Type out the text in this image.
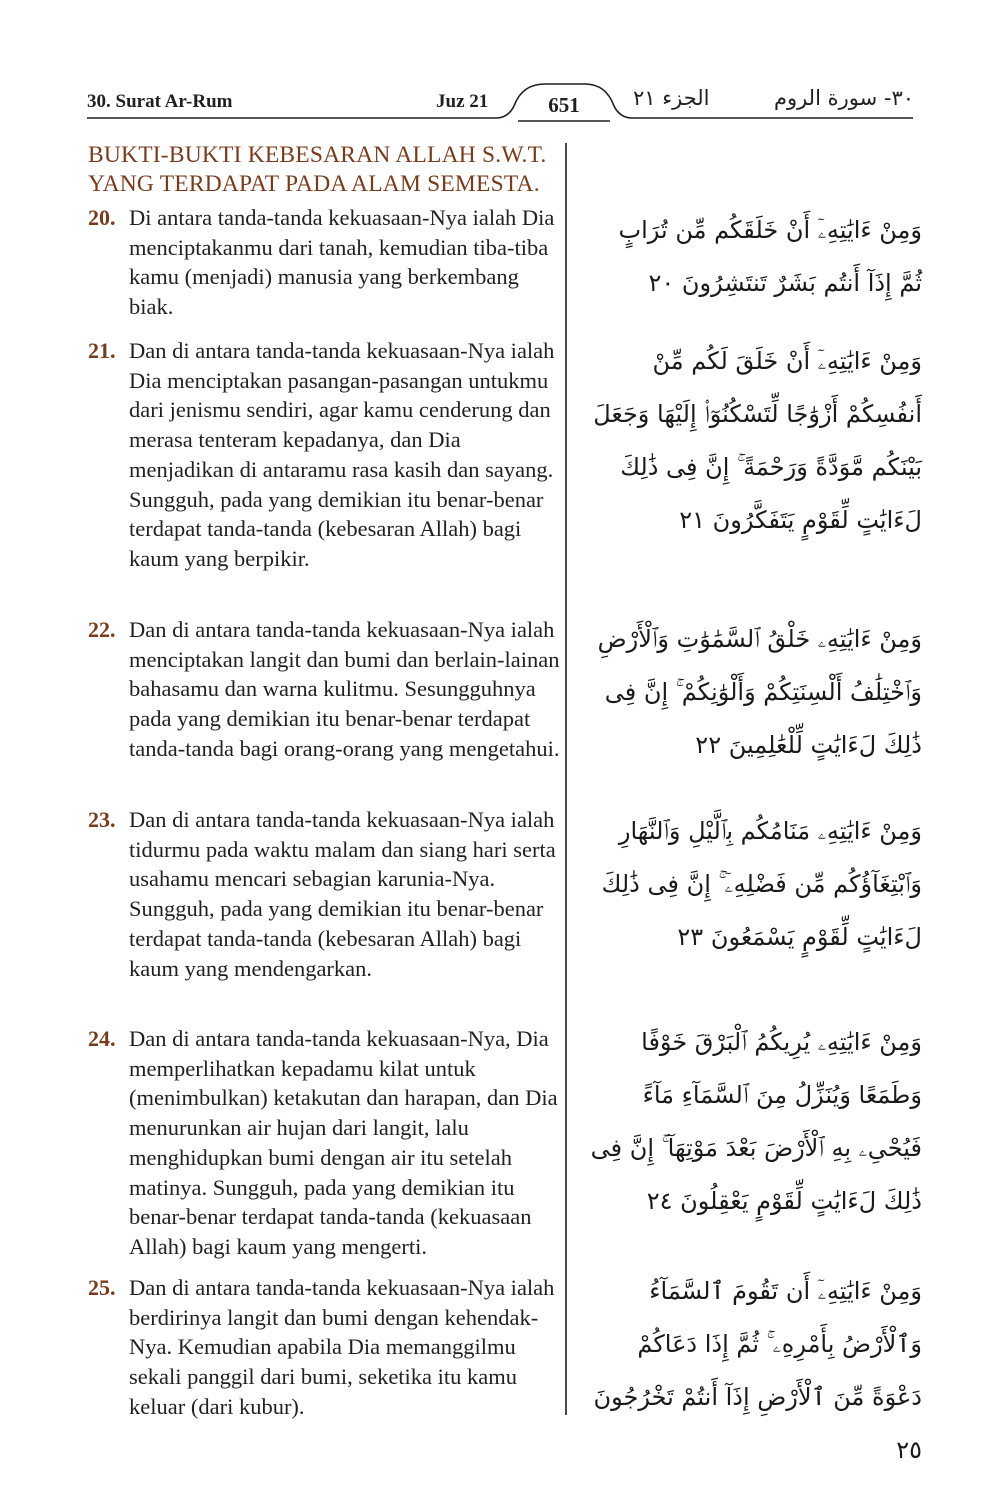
30. Surat Ar-Rum	Juz 21	651	الجزء ٢١	٣٠- سورة الروم
BUKTI-BUKTI KEBESARAN ALLAH S.W.T. YANG TERDAPAT PADA ALAM SEMESTA.
20. Di antara tanda-tanda kekuasaan-Nya ialah Dia menciptakanmu dari tanah, kemudian tiba-tiba kamu (menjadi) manusia yang berkembang biak.
وَمِنْ ءَايَٰتِهِۦٓ أَنْ خَلَقَكُم مِّن تُرَابٍ ثُمَّ إِذَآ أَنتُم بَشَرٌ تَنتَشِرُونَ ٢٠
21. Dan di antara tanda-tanda kekuasaan-Nya ialah Dia menciptakan pasangan-pasangan untukmu dari jenismu sendiri, agar kamu cenderung dan merasa tenteram kepadanya, dan Dia menjadikan di antaramu rasa kasih dan sayang. Sungguh, pada yang demikian itu benar-benar terdapat tanda-tanda (kebesaran Allah) bagi kaum yang berpikir.
وَمِنْ ءَايَٰتِهِۦٓ أَنْ خَلَقَ لَكُم مِّنْ أَنفُسِكُمْ أَزْوَٰجًا لِّتَسْكُنُوٓا۟ إِلَيْهَا وَجَعَلَ بَيْنَكُم مَّوَدَّةً وَرَحْمَةً ۚ إِنَّ فِى ذَٰلِكَ لَءَايَٰتٍ لِّقَوْمٍ يَتَفَكَّرُونَ ٢١
22. Dan di antara tanda-tanda kekuasaan-Nya ialah menciptakan langit dan bumi dan berlain-lainan bahasamu dan warna kulitmu. Sesungguhnya pada yang demikian itu benar-benar terdapat tanda-tanda bagi orang-orang yang mengetahui.
وَمِنْ ءَايَٰتِهِۦ خَلْقُ ٱلسَّمَٰوَٰتِ وَٱلْأَرْضِ وَٱخْتِلَٰفُ أَلْسِنَتِكُمْ وَأَلْوَٰنِكُمْ ۚ إِنَّ فِى ذَٰلِكَ لَءَايَٰتٍ لِّلْعَٰلِمِينَ ٢٢
23. Dan di antara tanda-tanda kekuasaan-Nya ialah tidurmu pada waktu malam dan siang hari serta usahamu mencari sebagian karunia-Nya. Sungguh, pada yang demikian itu benar-benar terdapat tanda-tanda (kebesaran Allah) bagi kaum yang mendengarkan.
وَمِنْ ءَايَٰتِهِۦ مَنَامُكُم بِٱلَّيْلِ وَٱلنَّهَارِ وَٱبْتِغَآؤُكُم مِّن فَضْلِهِۦٓ ۚ إِنَّ فِى ذَٰلِكَ لَءَايَٰتٍ لِّقَوْمٍ يَسْمَعُونَ ٢٣
24. Dan di antara tanda-tanda kekuasaan-Nya, Dia memperlihatkan kepadamu kilat untuk (menimbulkan) ketakutan dan harapan, dan Dia menurunkan air hujan dari langit, lalu menghidupkan bumi dengan air itu setelah matinya. Sungguh, pada yang demikian itu benar-benar terdapat tanda-tanda (kekuasaan Allah) bagi kaum yang mengerti.
وَمِنْ ءَايَٰتِهِۦ يُرِيكُمُ ٱلْبَرْقَ خَوْفًا وَطَمَعًا وَيُنَزِّلُ مِنَ ٱلسَّمَآءِ مَآءً فَيُحْىِۦ بِهِ ٱلْأَرْضَ بَعْدَ مَوْتِهَآ ۚ إِنَّ فِى ذَٰلِكَ لَءَايَٰتٍ لِّقَوْمٍ يَعْقِلُونَ ٢٤
25. Dan di antara tanda-tanda kekuasaan-Nya ialah berdirinya langit dan bumi dengan kehendak-Nya. Kemudian apabila Dia memanggilmu sekali panggil dari bumi, seketika itu kamu keluar (dari kubur).
وَمِنْ ءَايَٰتِهِۦٓ أَن تَقُومَ ٱلسَّمَآءُ وَٱلْأَرْضُ بِأَمْرِهِۦ ۚ ثُمَّ إِذَا دَعَاكُمْ دَعْوَةً مِّنَ ٱلْأَرْضِ إِذَآ أَنتُمْ تَخْرُجُونَ ٢٥
